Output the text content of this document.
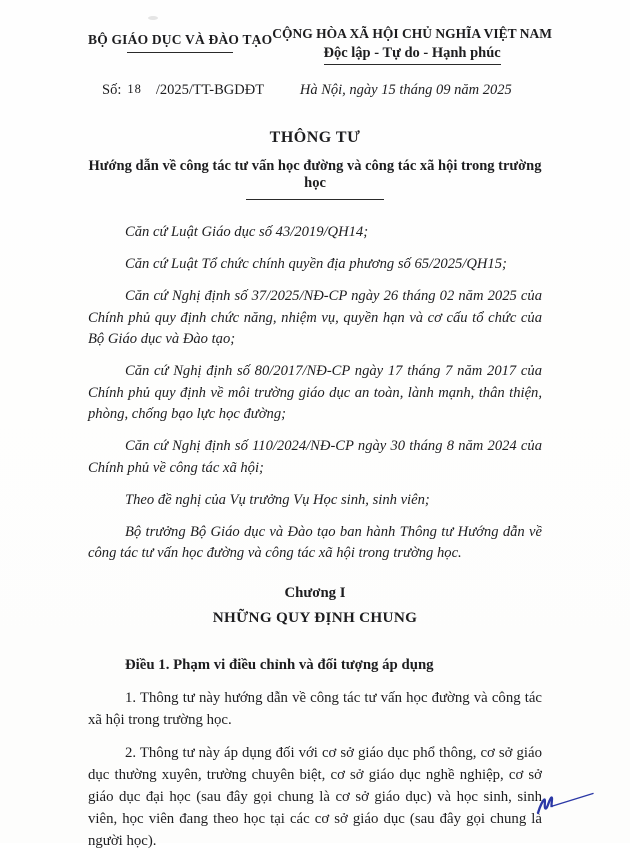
BỘ GIÁO DỤC VÀ ĐÀO TẠO CỘNG HÒA XÃ HỘI CHỦ NGHĨA VIỆT NAM
Độc lập - Tự do - Hạnh phúc
Số: 18 /2025/TT-BGDĐT	Hà Nội, ngày 15 tháng 09 năm 2025
THÔNG TƯ
Hướng dẫn về công tác tư vấn học đường và công tác xã hội trong trường học

Căn cứ Luật Giáo dục số 43/2019/QH14;

Căn cứ Luật Tổ chức chính quyền địa phương số 65/2025/QH15;

Căn cứ Nghị định số 37/2025/NĐ-CP ngày 26 tháng 02 năm 2025 của Chính phủ quy định chức năng, nhiệm vụ, quyền hạn và cơ cấu tổ chức của Bộ Giáo dục và Đào tạo;

Căn cứ Nghị định số 80/2017/NĐ-CP ngày 17 tháng 7 năm 2017 của Chính phủ quy định về môi trường giáo dục an toàn, lành mạnh, thân thiện, phòng, chống bạo lực học đường;

Căn cứ Nghị định số 110/2024/NĐ-CP ngày 30 tháng 8 năm 2024 của Chính phủ về công tác xã hội;

Theo đề nghị của Vụ trưởng Vụ Học sinh, sinh viên;

Bộ trưởng Bộ Giáo dục và Đào tạo ban hành Thông tư Hướng dẫn về công tác tư vấn học đường và công tác xã hội trong trường học.

Chương I
NHỮNG QUY ĐỊNH CHUNG
Điều 1. Phạm vi điều chỉnh và đối tượng áp dụng

1. Thông tư này hướng dẫn về công tác tư vấn học đường và công tác xã hội trong trường học.

2. Thông tư này áp dụng đối với cơ sở giáo dục phổ thông, cơ sở giáo dục thường xuyên, trường chuyên biệt, cơ sở giáo dục nghề nghiệp, cơ sở giáo dục đại học (sau đây gọi chung là cơ sở giáo dục) và học sinh, sinh viên, học viên đang theo học tại các cơ sở giáo dục (sau đây gọi chung là người học).
